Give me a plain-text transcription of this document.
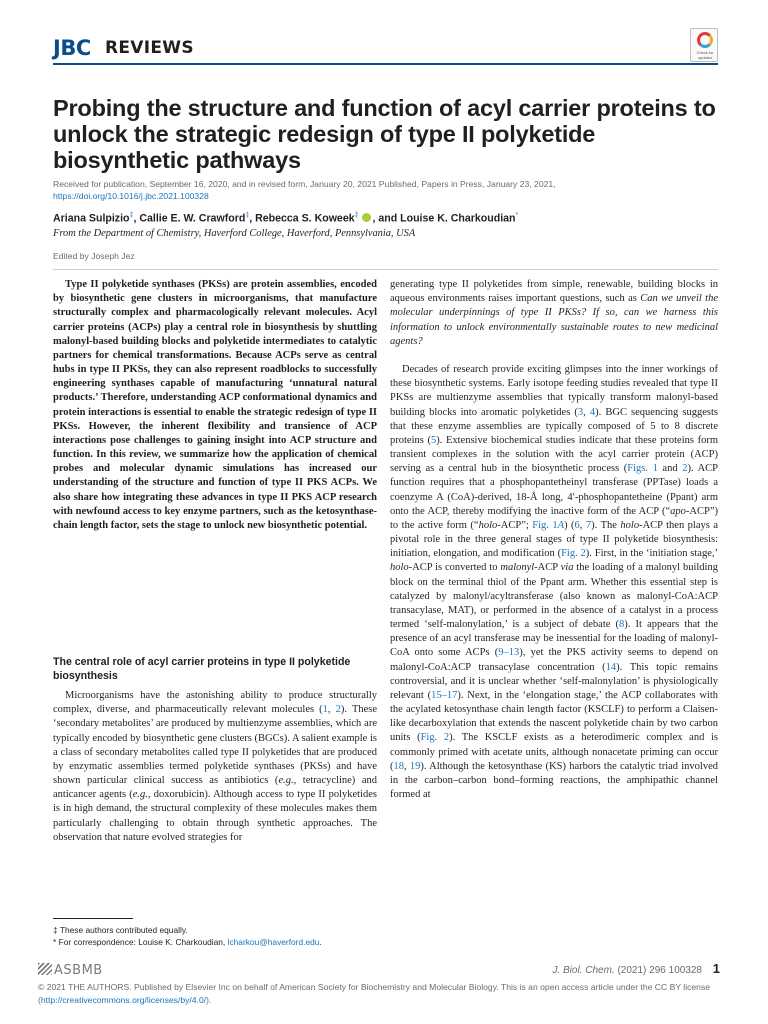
JBC REVIEWS	Check for updates
Probing the structure and function of acyl carrier proteins to unlock the strategic redesign of type II polyketide biosynthetic pathways
Received for publication, September 16, 2020, and in revised form, January 20, 2021 Published, Papers in Press, January 23, 2021,
https://doi.org/10.1016/j.jbc.2021.100328
Ariana Sulpizio‡, Callie E. W. Crawford‡, Rebecca S. Koweek‡ , and Louise K. Charkoudian*
From the Department of Chemistry, Haverford College, Haverford, Pennsylvania, USA
Edited by Joseph Jez

Type II polyketide synthases (PKSs) are protein assemblies, encoded by biosynthetic gene clusters in microorganisms, that manufacture structurally complex and pharmacologically relevant molecules. Acyl carrier proteins (ACPs) play a central role in biosynthesis by shuttling malonyl-based building blocks and polyketide intermediates to catalytic partners for chemical transformations. Because ACPs serve as central hubs in type II PKSs, they can also represent roadblocks to successfully engineering synthases capable of manufacturing ‘unnatural natural products.’ Therefore, understanding ACP conformational dynamics and protein interactions is essential to enable the strategic redesign of type II PKSs. However, the inherent flexibility and transience of ACP interactions pose challenges to gaining insight into ACP structure and function. In this review, we summarize how the application of chemical probes and molecular dynamic simulations has increased our understanding of the structure and function of type II PKS ACPs. We also share how integrating these advances in type II PKS ACP research with newfound access to key enzyme partners, such as the ketosynthase-chain length factor, sets the stage to unlock new biosynthetic potential.

The central role of acyl carrier proteins in type II polyketide biosynthesis

Microorganisms have the astonishing ability to produce structurally complex, diverse, and pharmaceutically relevant molecules (1, 2). These ‘secondary metabolites’ are produced by multienzyme assemblies, which are typically encoded by biosynthetic gene clusters (BGCs). A salient example is a class of secondary metabolites called type II polyketides that are produced by enzymatic assemblies termed polyketide synthases (PKSs) and have shown particular clinical success as antibiotics (e.g., tetracycline) and anticancer agents (e.g., doxorubicin). Although access to type II polyketides is in high demand, the structural complexity of these molecules makes them particularly challenging to obtain through synthetic approaches. The observation that nature evolved strategies for

generating type II polyketides from simple, renewable, building blocks in aqueous environments raises important questions, such as Can we unveil the molecular underpinnings of type II PKSs? If so, can we harness this information to unlock environmentally sustainable routes to new medicinal agents?

Decades of research provide exciting glimpses into the inner workings of these biosynthetic systems. Early isotope feeding studies revealed that type II PKSs are multienzyme assemblies that typically transform malonyl-based building blocks into aromatic polyketides (3, 4). BGC sequencing suggests that these enzyme assemblies are typically composed of 5 to 8 discrete proteins (5). Extensive biochemical studies indicate that these proteins form transient complexes in the solution with the acyl carrier protein (ACP) serving as a central hub in the biosynthetic process (Figs. 1 and 2). ACP function requires that a phosphopantetheinyl transferase (PPTase) loads a coenzyme A (CoA)-derived, 18-Å long, 4′-phosphopantetheine (Ppant) arm onto the ACP, thereby modifying the inactive form of the ACP (“apo-ACP”) to the active form (“holo-ACP”; Fig. 1A) (6, 7). The holo-ACP then plays a pivotal role in the three general stages of type II polyketide biosynthesis: initiation, elongation, and modification (Fig. 2). First, in the ‘initiation stage,’ holo-ACP is converted to malonyl-ACP via the loading of a malonyl building block on the terminal thiol of the Ppant arm. Whether this essential step is catalyzed by malonyl/acyltransferase (also known as malonyl-CoA:ACP transacylase, MAT), or performed in the absence of a catalyst in a process termed ‘self-malonylation,’ is a subject of debate (8). It appears that the presence of an acyl transferase may be inessential for the loading of malonyl-CoA onto some ACPs (9–13), yet the PKS activity seems to depend on malonyl-CoA:ACP transacylase concentration (14). This topic remains controversial, and it is unclear whether ‘self-malonylation’ is physiologically relevant (15–17). Next, in the ‘elongation stage,’ the ACP collaborates with the acylated ketosynthase chain length factor (KSCLF) to perform a Claisen-like decarboxylation that extends the nascent polyketide chain by two carbon units (Fig. 2). The KSCLF exists as a heterodimeric complex and is commonly primed with acetate units, although nonacetate priming can occur (18, 19). Although the ketosynthase (KS) harbors the catalytic triad involved in the carbon–carbon bond–forming reactions, the amphipathic channel formed at

‡ These authors contributed equally.
* For correspondence: Louise K. Charkoudian, lcharkou@haverford.edu.
ASBMB	J. Biol. Chem. (2021) 296 100328 1
© 2021 THE AUTHORS. Published by Elsevier Inc on behalf of American Society for Biochemistry and Molecular Biology. This is an open access article under the CC BY license (http://creativecommons.org/licenses/by/4.0/).
